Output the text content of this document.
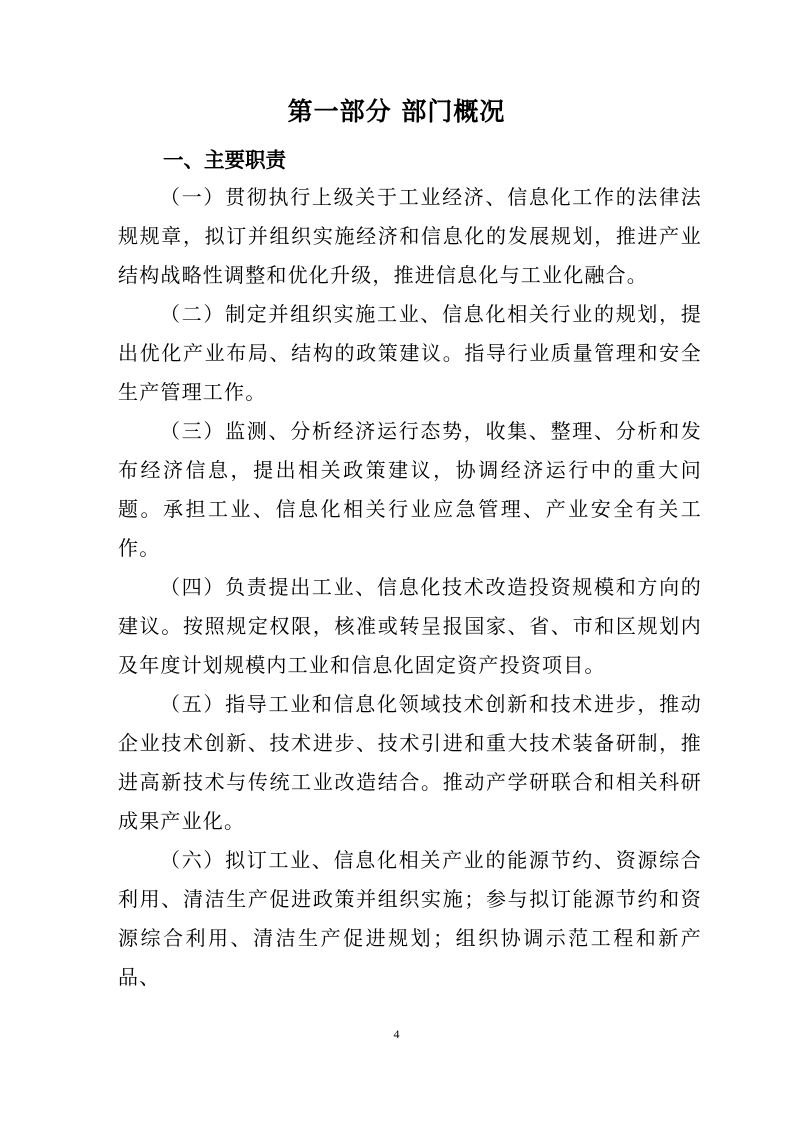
第一部分 部门概况
一、主要职责

（一）贯彻执行上级关于工业经济、信息化工作的法律法规规章，拟订并组织实施经济和信息化的发展规划，推进产业结构战略性调整和优化升级，推进信息化与工业化融合。

（二）制定并组织实施工业、信息化相关行业的规划，提出优化产业布局、结构的政策建议。指导行业质量管理和安全生产管理工作。

（三）监测、分析经济运行态势，收集、整理、分析和发布经济信息，提出相关政策建议，协调经济运行中的重大问题。承担工业、信息化相关行业应急管理、产业安全有关工作。

（四）负责提出工业、信息化技术改造投资规模和方向的建议。按照规定权限，核准或转呈报国家、省、市和区规划内及年度计划规模内工业和信息化固定资产投资项目。

（五）指导工业和信息化领域技术创新和技术进步，推动企业技术创新、技术进步、技术引进和重大技术装备研制，推进高新技术与传统工业改造结合。推动产学研联合和相关科研成果产业化。

（六）拟订工业、信息化相关产业的能源节约、资源综合利用、清洁生产促进政策并组织实施；参与拟订能源节约和资源综合利用、清洁生产促进规划；组织协调示范工程和新产品、

4
